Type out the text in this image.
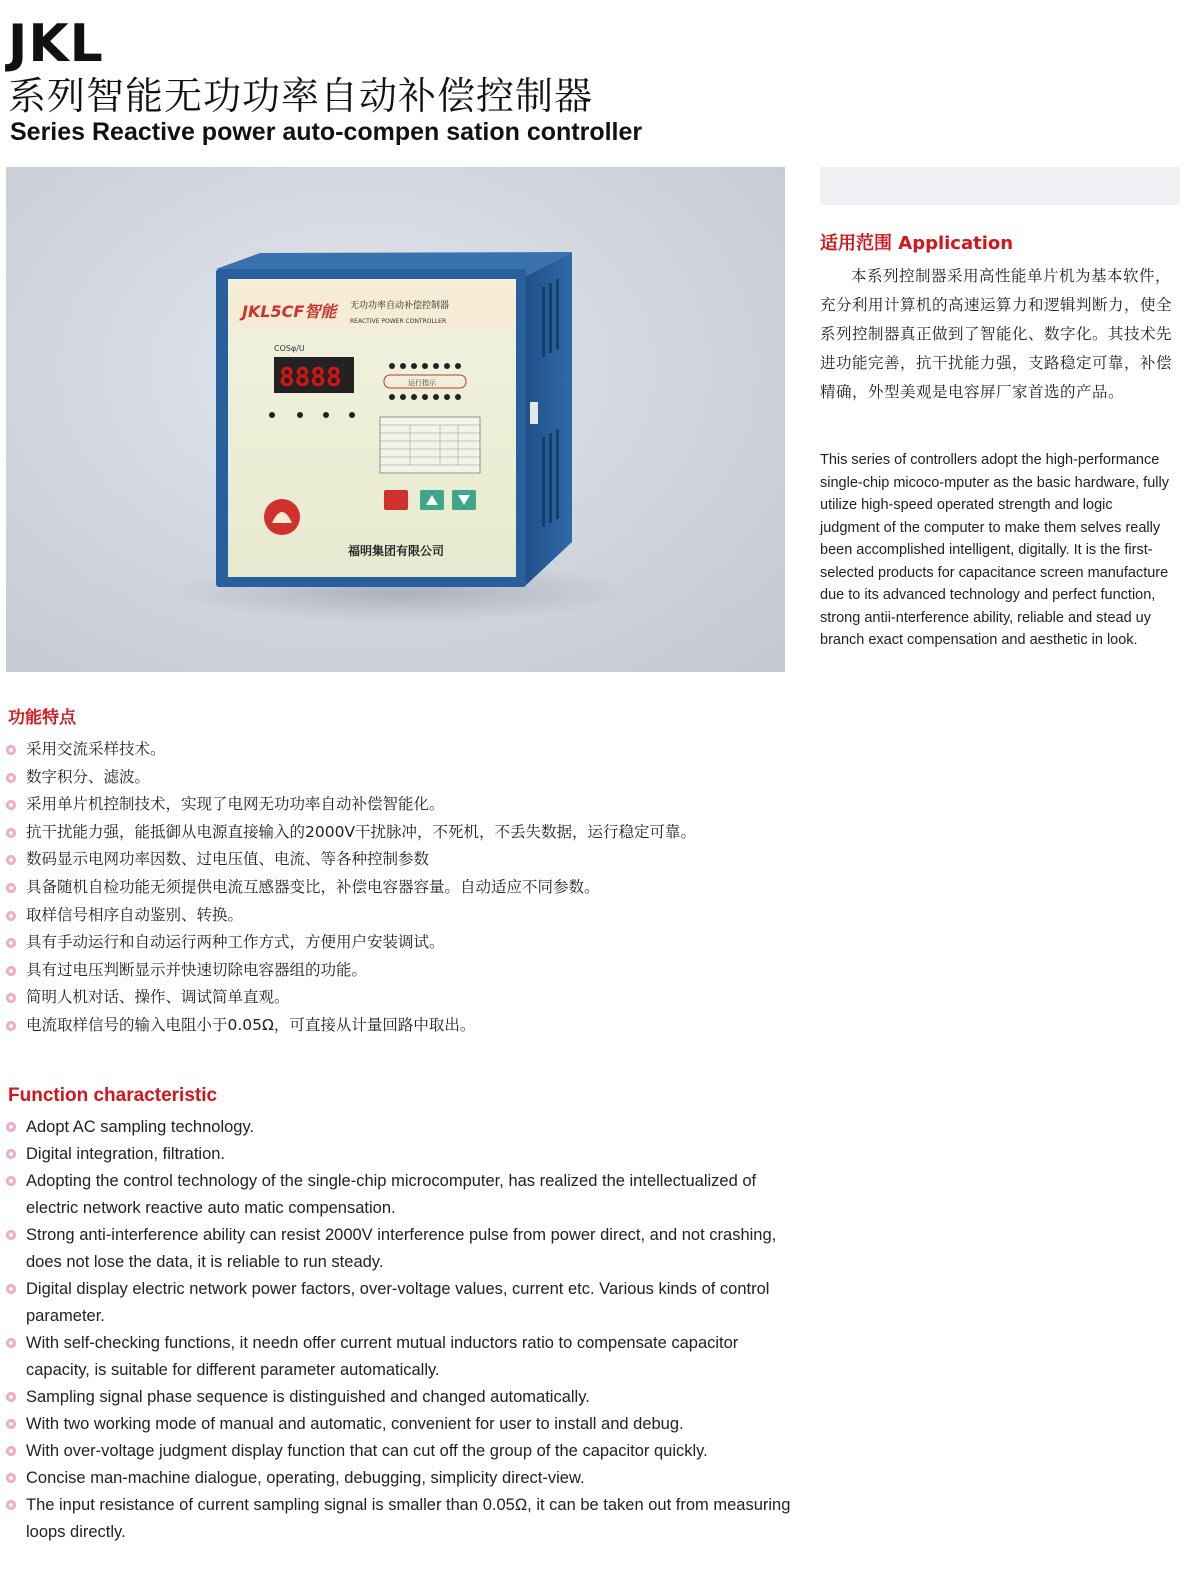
JKL
系列智能无功功率自动补偿控制器
Series Reactive power auto-compen sation controller
JKL5CF智能	无功功率自动补偿控制器
REACTIVE POWER CONTROLLER
COSφ/U
8888	运行指示
福明集团有限公司
适用范围 Application

本系列控制器采用高性能单片机为基本软件，充分利用计算机的高速运算力和逻辑判断力，使全系列控制器真正做到了智能化、数字化。其技术先进功能完善，抗干扰能力强，支路稳定可靠，补偿精确，外型美观是电容屏厂家首选的产品。

This series of controllers adopt the high-performance single-chip micoco-mputer as the basic hardware, fully utilize high-speed operated strength and logic judgment of the computer to make them selves really been accomplished intelligent, digitally. It is the first-selected products for capacitance screen manufacture due to its advanced technology and perfect function, strong antii-nterference ability, reliable and stead uy branch exact compensation and aesthetic in look.

功能特点
采用交流采样技术。
数字积分、滤波。
采用单片机控制技术，实现了电网无功功率自动补偿智能化。
抗干扰能力强，能抵御从电源直接输入的2000V干扰脉冲，不死机，不丢失数据，运行稳定可靠。
数码显示电网功率因数、过电压值、电流、等各种控制参数
具备随机自检功能无须提供电流互感器变比，补偿电容器容量。自动适应不同参数。
取样信号相序自动鉴别、转换。
具有手动运行和自动运行两种工作方式，方便用户安装调试。
具有过电压判断显示并快速切除电容器组的功能。
简明人机对话、操作、调试简单直观。
电流取样信号的输入电阻小于0.05Ω，可直接从计量回路中取出。
Function characteristic
Adopt AC sampling technology.
Digital integration, filtration.
Adopting the control technology of the single-chip microcomputer, has realized the intellectualized of electric network reactive auto matic compensation.
Strong anti-interference ability can resist 2000V interference pulse from power direct, and not crashing, does not lose the data, it is reliable to run steady.
Digital display electric network power factors, over-voltage values, current etc. Various kinds of control parameter.
With self-checking functions, it needn offer current mutual inductors ratio to compensate capacitor capacity, is suitable for different parameter automatically.
Sampling signal phase sequence is distinguished and changed automatically.
With two working mode of manual and automatic, convenient for user to install and debug.
With over-voltage judgment display function that can cut off the group of the capacitor quickly.
Concise man-machine dialogue, operating, debugging, simplicity direct-view.
The input resistance of current sampling signal is smaller than 0.05Ω, it can be taken out from measuring loops directly.
